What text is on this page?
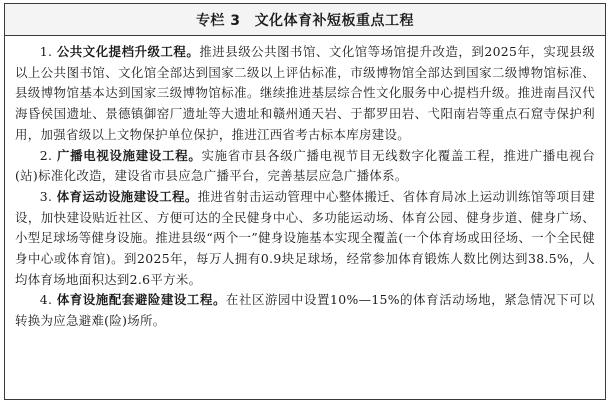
专栏 3 文化体育补短板重点工程

1. 公共文化提档升级工程。推进县级公共图书馆、文化馆等场馆提升改造，到2025年，实现县级以上公共图书馆、文化馆全部达到国家二级以上评估标准，市级博物馆全部达到国家二级博物馆标准、县级博物馆基本达到国家三级博物馆标准。继续推进基层综合性文化服务中心提档升级。推进南昌汉代海昏侯国遗址、景德镇御窑厂遗址等大遗址和赣州通天岩、于都罗田岩、弋阳南岩等重点石窟寺保护利用，加强省级以上文物保护单位保护，推进江西省考古标本库房建设。

2. 广播电视设施建设工程。实施省市县各级广播电视节目无线数字化覆盖工程，推进广播电视台(站)标准化改造，建设省市县应急广播平台，完善基层应急广播体系。

3. 体育运动设施建设工程。推进省射击运动管理中心整体搬迁、省体育局冰上运动训练馆等项目建设，加快建设贴近社区、方便可达的全民健身中心、多功能运动场、体育公园、健身步道、健身广场、小型足球场等健身设施。推进县级“两个一”健身设施基本实现全覆盖(一个体育场或田径场、一个全民健身中心或体育馆)。到2025年，每万人拥有0.9块足球场，经常参加体育锻炼人数比例达到38.5%，人均体育场地面积达到2.6平方米。

4. 体育设施配套避险建设工程。在社区游园中设置10%—15%的体育活动场地，紧急情况下可以转换为应急避难(险)场所。
